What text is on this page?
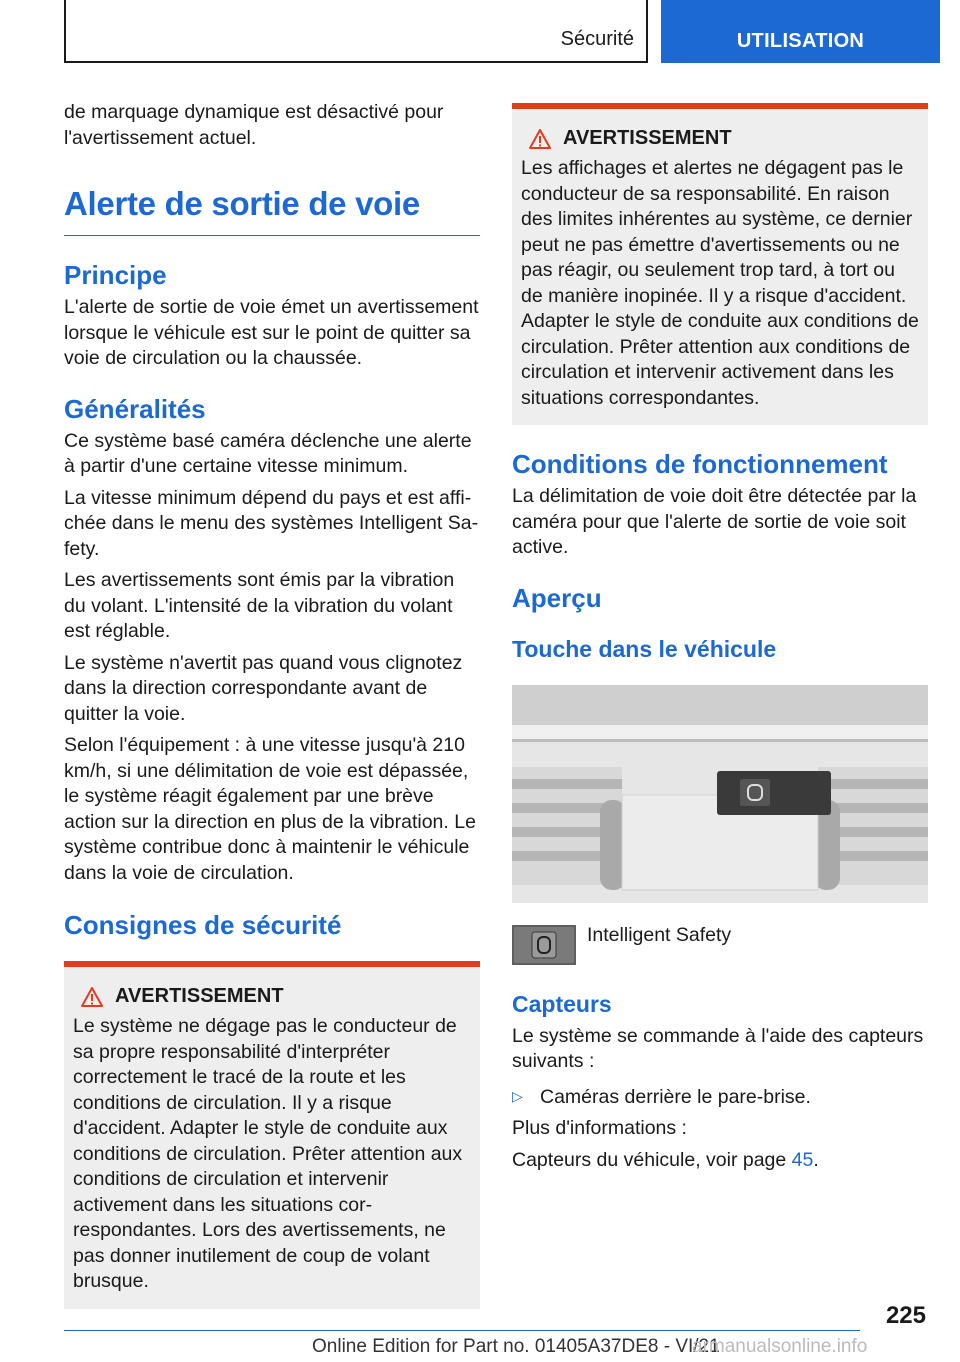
Sécurité	UTILISATION

de marquage dynamique est désactivé pour l'avertissement actuel.

Alerte de sortie de voie
Principe

L'alerte de sortie de voie émet un avertissement lorsque le véhicule est sur le point de quitter sa voie de circulation ou la chaussée.

Généralités

Ce système basé caméra déclenche une alerte à partir d'une certaine vitesse minimum.

La vitesse minimum dépend du pays et est affichée dans le menu des systèmes Intelligent Safety.

Les avertissements sont émis par la vibration du volant. L'intensité de la vibration du volant est réglable.

Le système n'avertit pas quand vous clignotez dans la direction correspondante avant de quitter la voie.

Selon l'équipement : à une vitesse jusqu'à 210 km/h, si une délimitation de voie est dépassée, le système réagit également par une brève action sur la direction en plus de la vibration. Le système contribue donc à maintenir le véhicule dans la voie de circulation.

Consignes de sécurité
AVERTISSEMENT

Le système ne dégage pas le conducteur de sa propre responsabilité d'interpréter correctement le tracé de la route et les conditions de circulation. Il y a risque d'accident. Adapter le style de conduite aux conditions de circulation. Prêter attention aux conditions de circulation et intervenir activement dans les situations correspondantes. Lors des avertissements, ne pas donner inutilement de coup de volant brusque.

AVERTISSEMENT

Les affichages et alertes ne dégagent pas le conducteur de sa responsabilité. En raison des limites inhérentes au système, ce dernier peut ne pas émettre d'avertissements ou ne pas réagir, ou seulement trop tard, à tort ou de manière inopinée. Il y a risque d'accident. Adapter le style de conduite aux conditions de circulation. Prêter attention aux conditions de circulation et intervenir activement dans les situations correspondantes.

Conditions de fonctionnement

La délimitation de voie doit être détectée par la caméra pour que l'alerte de sortie de voie soit active.

Aperçu
Touche dans le véhicule

Intelligent Safety

Capteurs

Le système se commande à l'aide des capteurs suivants :

▷ Caméras derrière le pare-brise.

Plus d'informations :

Capteurs du véhicule, voir page 45.

225
Online Edition for Part no. 01405A37DE8 - VI/21
armanualsonline.info
